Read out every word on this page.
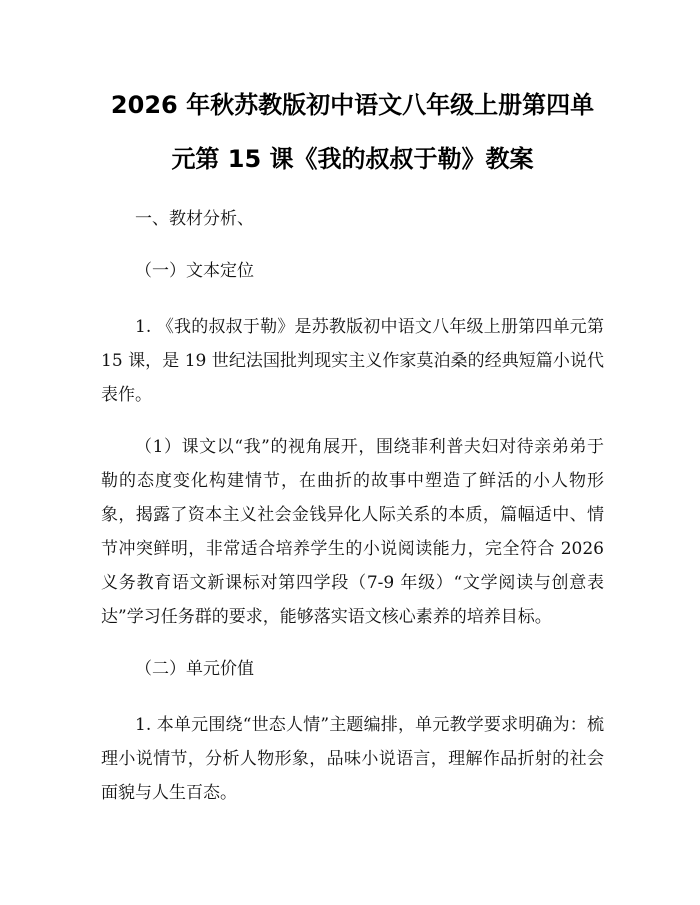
2026 年秋苏教版初中语文八年级上册第四单
元第 15 课《我的叔叔于勒》教案

一、教材分析、

（一）文本定位

1. 《我的叔叔于勒》是苏教版初中语文八年级上册第四单元第 15 课，是 19 世纪法国批判现实主义作家莫泊桑的经典短篇小说代表作。

（1）课文以“我”的视角展开，围绕菲利普夫妇对待亲弟弟于勒的态度变化构建情节，在曲折的故事中塑造了鲜活的小人物形象，揭露了资本主义社会金钱异化人际关系的本质，篇幅适中、情节冲突鲜明，非常适合培养学生的小说阅读能力，完全符合 2026 义务教育语文新课标对第四学段（7-9 年级）“文学阅读与创意表达”学习任务群的要求，能够落实语文核心素养的培养目标。

（二）单元价值

1. 本单元围绕“世态人情”主题编排，单元教学要求明确为：梳理小说情节，分析人物形象，品味小说语言，理解作品折射的社会面貌与人生百态。
